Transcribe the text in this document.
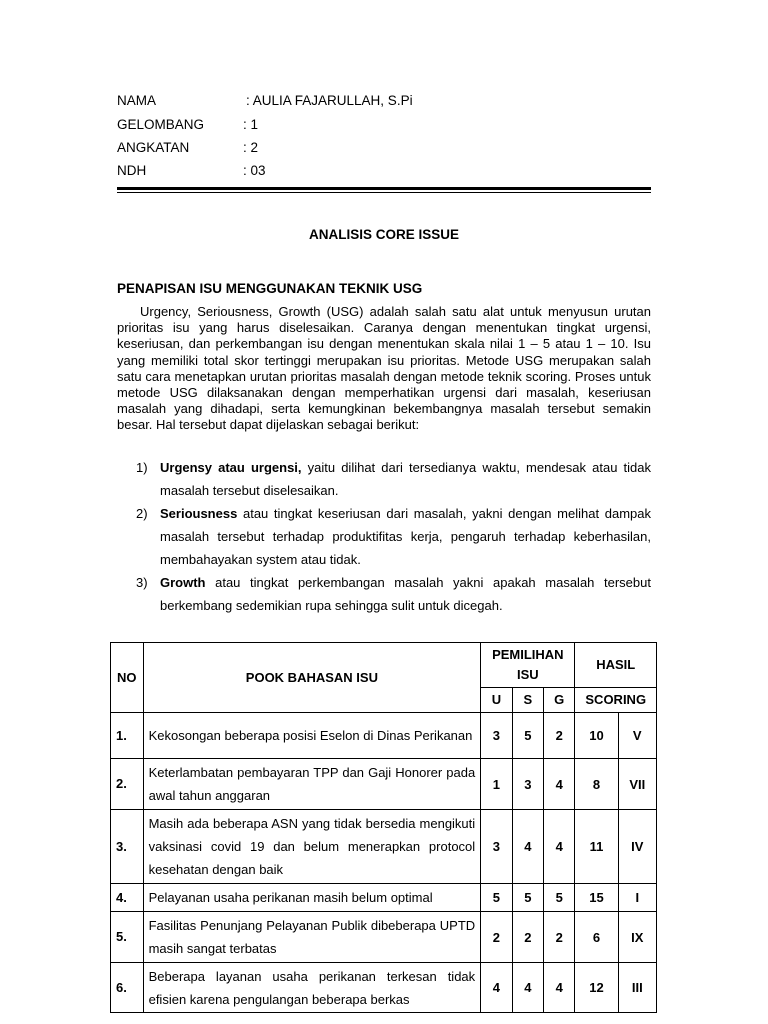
NAMA	: AULIA FAJARULLAH, S.Pi
GELOMBANG	: 1
ANGKATAN	: 2
NDH	: 03
ANALISIS CORE ISSUE
PENAPISAN ISU MENGGUNAKAN TEKNIK USG

Urgency, Seriousness, Growth (USG) adalah salah satu alat untuk menyusun urutan prioritas isu yang harus diselesaikan. Caranya dengan menentukan tingkat urgensi, keseriusan, dan perkembangan isu dengan menentukan skala nilai 1 – 5 atau 1 – 10. Isu yang memiliki total skor tertinggi merupakan isu prioritas. Metode USG merupakan salah satu cara menetapkan urutan prioritas masalah dengan metode teknik scoring. Proses untuk metode USG dilaksanakan dengan memperhatikan urgensi dari masalah, keseriusan masalah yang dihadapi, serta kemungkinan bekembangnya masalah tersebut semakin besar. Hal tersebut dapat dijelaskan sebagai berikut:

1) Urgensy atau urgensi, yaitu dilihat dari tersedianya waktu, mendesak atau tidak masalah tersebut diselesaikan.
2) Seriousness atau tingkat keseriusan dari masalah, yakni dengan melihat dampak masalah tersebut terhadap produktifitas kerja, pengaruh terhadap keberhasilan, membahayakan system atau tidak.
3) Growth atau tingkat perkembangan masalah yakni apakah masalah tersebut berkembang sedemikian rupa sehingga sulit untuk dicegah.
NO	POOK BAHASAN ISU	PEMILIHAN ISU			HASIL	
		U	S	G	SCORING	
1.	Kekosongan beberapa posisi Eselon di Dinas Perikanan	3	5	2	10	V
2.	Keterlambatan pembayaran TPP dan Gaji Honorer pada awal tahun anggaran	1	3	4	8	VII
3.	Masih ada beberapa ASN yang tidak bersedia mengikuti vaksinasi covid 19 dan belum menerapkan protocol kesehatan dengan baik	3	4	4	11	IV
4.	Pelayanan usaha perikanan masih belum optimal	5	5	5	15	I
5.	Fasilitas Penunjang Pelayanan Publik dibeberapa UPTD masih sangat terbatas	2	2	2	6	IX
6.	Beberapa layanan usaha perikanan terkesan tidak efisien karena pengulangan beberapa berkas	4	4	4	12	III
